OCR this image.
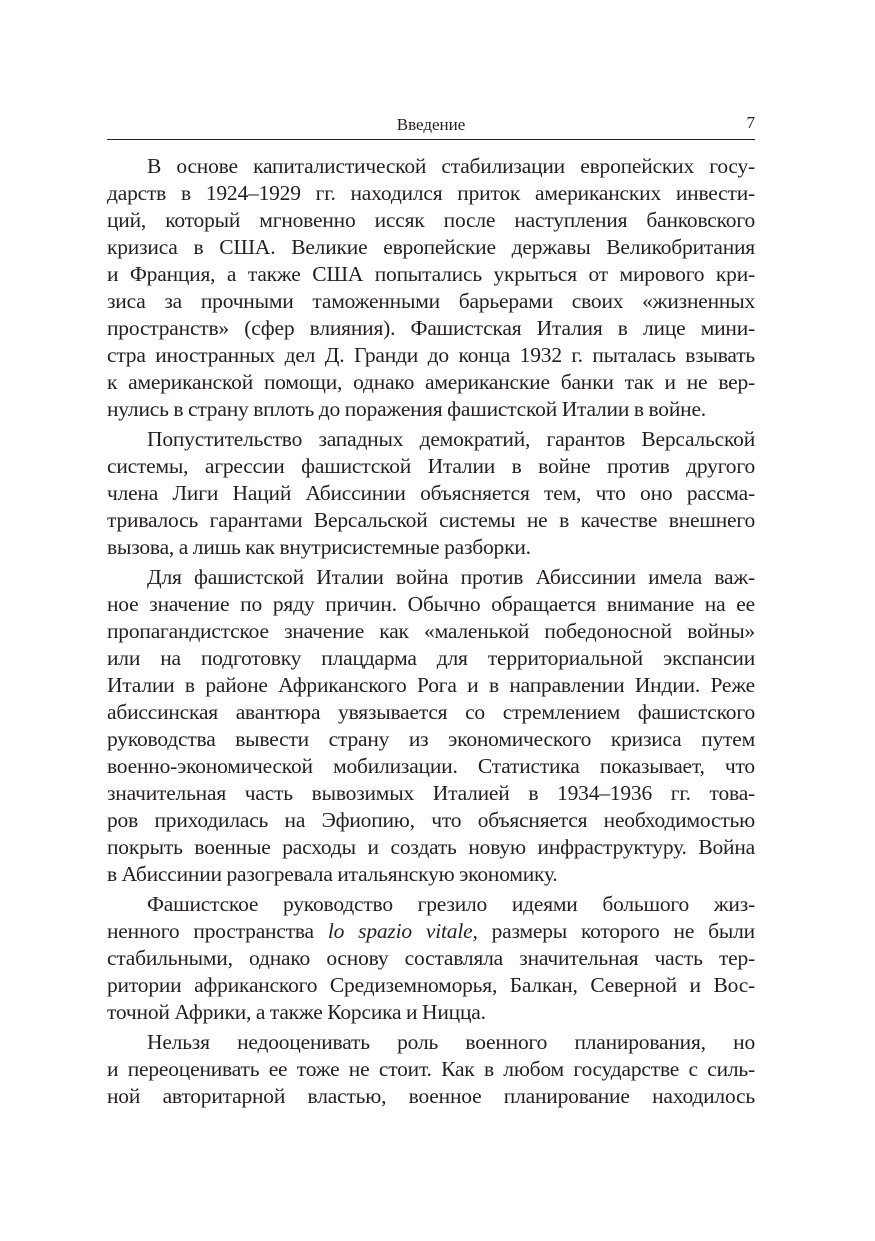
Введение	7
В основе капиталистической стабилизации европейских госу-
дарств в 1924–1929 гг. находился приток американских инвести-
ций, который мгновенно иссяк после наступления банковского
кризиса в США. Великие европейские державы Великобритания
и Франция, а также США попытались укрыться от мирового кри-
зиса за прочными таможенными барьерами своих «жизненных
пространств» (сфер влияния). Фашистская Италия в лице мини-
стра иностранных дел Д. Гранди до конца 1932 г. пыталась взывать
к американской помощи, однако американские банки так и не вер-
нулись в страну вплоть до поражения фашистской Италии в войне.
Попустительство западных демократий, гарантов Версальской
системы, агрессии фашистской Италии в войне против другого
члена Лиги Наций Абиссинии объясняется тем, что оно рассма-
тривалось гарантами Версальской системы не в качестве внешнего
вызова, а лишь как внутрисистемные разборки.
Для фашистской Италии война против Абиссинии имела важ-
ное значение по ряду причин. Обычно обращается внимание на ее
пропагандистское значение как «маленькой победоносной войны»
или на подготовку плацдарма для территориальной экспансии
Италии в районе Африканского Рога и в направлении Индии. Реже
абиссинская авантюра увязывается со стремлением фашистского
руководства вывести страну из экономического кризиса путем
военно-экономической мобилизации. Статистика показывает, что
значительная часть вывозимых Италией в 1934–1936 гг. това-
ров приходилась на Эфиопию, что объясняется необходимостью
покрыть военные расходы и создать новую инфраструктуру. Война
в Абиссинии разогревала итальянскую экономику.
Фашистское руководство грезило идеями большого жиз-
ненного пространства lo spazio vitale, размеры которого не были
стабильными, однако основу составляла значительная часть тер-
ритории африканского Средиземноморья, Балкан, Северной и Вос-
точной Африки, а также Корсика и Ницца.
Нельзя недооценивать роль военного планирования, но
и переоценивать ее тоже не стоит. Как в любом государстве с силь-
ной авторитарной властью, военное планирование находилось
